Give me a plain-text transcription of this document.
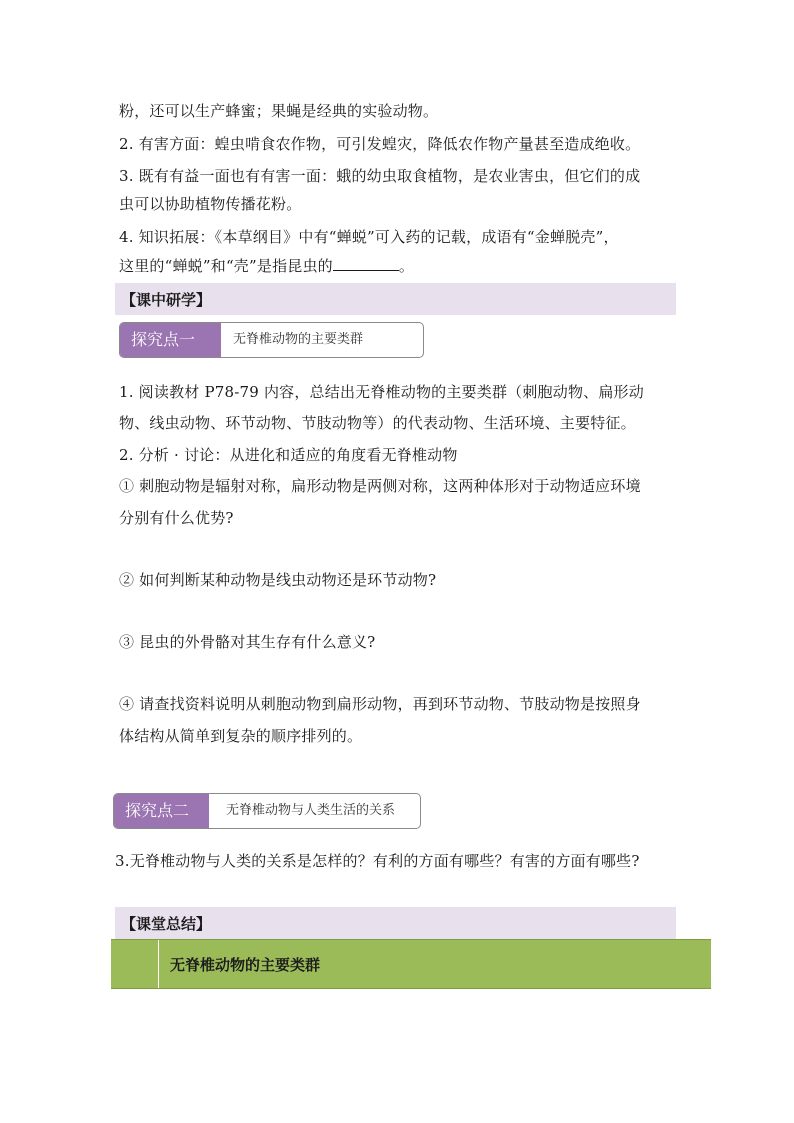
粉，还可以生产蜂蜜；果蝇是经典的实验动物。
2. 有害方面：蝗虫啃食农作物，可引发蝗灾，降低农作物产量甚至造成绝收。
3. 既有有益一面也有有害一面：蛾的幼虫取食植物，是农业害虫，但它们的成
虫可以协助植物传播花粉。
4. 知识拓展：《本草纲目》中有“蝉蜕”可入药的记载，成语有“金蝉脱壳”，
这里的“蝉蜕”和“壳”是指昆虫的	。
【课中研学】
探究点一	无脊椎动物的主要类群
1. 阅读教材 P78-79 内容，总结出无脊椎动物的主要类群（刺胞动物、扁形动
物、线虫动物、环节动物、节肢动物等）的代表动物、生活环境、主要特征。
2. 分析 · 讨论：从进化和适应的角度看无脊椎动物
① 刺胞动物是辐射对称，扁形动物是两侧对称，这两种体形对于动物适应环境
分别有什么优势?
② 如何判断某种动物是线虫动物还是环节动物?
③ 昆虫的外骨骼对其生存有什么意义?
④ 请查找资料说明从刺胞动物到扁形动物，再到环节动物、节肢动物是按照身
体结构从简单到复杂的顺序排列的。
探究点二	无脊椎动物与人类生活的关系
3.无脊椎动物与人类的关系是怎样的？有利的方面有哪些？有害的方面有哪些?
【课堂总结】
无脊椎动物的主要类群
